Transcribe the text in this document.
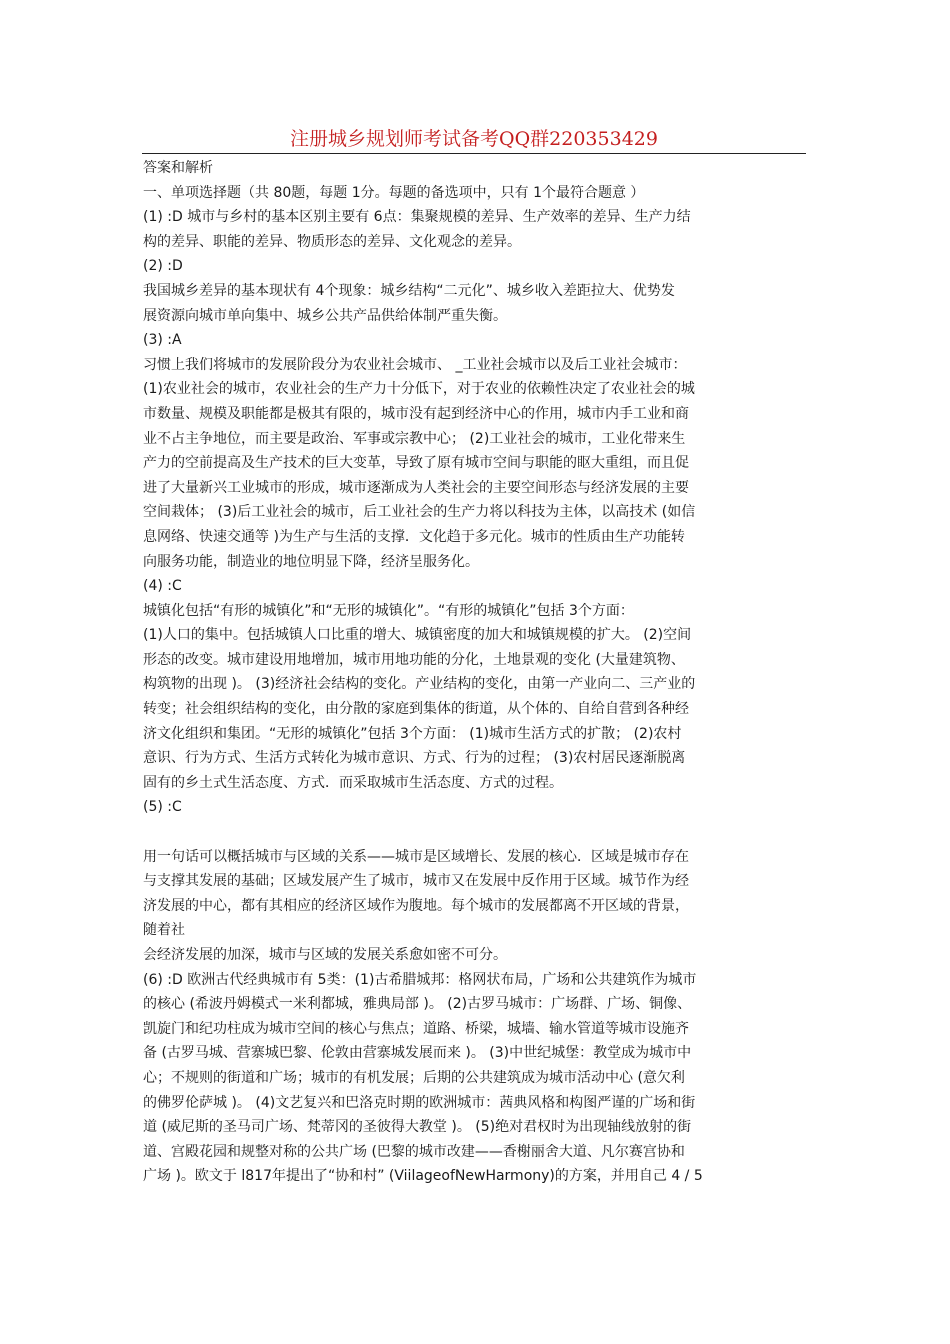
注册城乡规划师考试备考QQ群220353429
答案和解析
一、单项选择题（共 80题，每题 1分。每题的备选项中，只有 1个最符合题意 ）
(1) :D 城市与乡村的基本区别主要有 6点：集聚规模的差异、生产效率的差异、生产力结
构的差异、职能的差异、物质形态的差异、文化观念的差异。
(2) :D
我国城乡差异的基本现状有 4个现象：城乡结构“二元化”、城乡收入差距拉大、优势发
展资源向城市单向集中、城乡公共产品供给体制严重失衡。
(3) :A
习惯上我们将城市的发展阶段分为农业社会城市、 _工业社会城市以及后工业社会城市：
(1)农业社会的城市，农业社会的生产力十分低下，对于农业的依赖性决定了农业社会的城
市数量、规模及职能都是极其有限的，城市没有起到经济中心的作用，城市内手工业和商
业不占主争地位，而主要是政治、军事或宗教中心； (2)工业社会的城市，工业化带来生
产力的空前提高及生产技术的巨大变革，导致了原有城市空间与职能的眍大重组，而且促
进了大量新兴工业城市的形成，城市逐渐成为人类社会的主要空间形态与经济发展的主要
空间栽体； (3)后工业社会的城市，后工业社会的生产力将以科技为主体，以高技术 (如信
息网络、快速交通等 )为生产与生活的支撑．文化趋于多元化。城市的性质由生产功能转
向服务功能，制造业的地位明显下降，经济呈服务化。
(4) :C
城镇化包括“有形的城镇化”和“无形的城镇化”。“有形的城镇化”包括 3个方面：
(1)人口的集中。包括城镇人口比重的增大、城镇密度的加大和城镇规模的扩大。 (2)空间
形态的改变。城市建设用地增加，城市用地功能的分化，土地景观的变化 (大量建筑物、
构筑物的出现 )。 (3)经济社会结构的变化。产业结构的变化，由第一产业向二、三产业的
转变；社会组织结构的变化，由分散的家庭到集体的街道，从个体的、自给自营到各种经
济文化组织和集团。“无形的城镇化”包括 3个方面： (1)城市生活方式的扩散； (2)农村
意识、行为方式、生活方式转化为城市意识、方式、行为的过程； (3)农村居民逐渐脱离
固有的乡土式生活态度、方式．而采取城市生活态度、方式的过程。
(5) :C
用一句话可以概括城市与区域的关系——城市是区域增长、发展的核心．区域是城市存在
与支撑其发展的基础；区域发展产生了城市，城市又在发展中反作用于区域。城节作为经
济发展的中心，都有其相应的经济区域作为腹地。每个城市的发展都离不开区域的背景，
随着社
会经济发展的加深，城市与区域的发展关系愈如密不可分。
(6) :D 欧洲古代经典城市有 5类：(1)古希腊城邦：格网状布局，广场和公共建筑作为城市
的核心 (希波丹姆模式一米利都城，雅典局部 )。 (2)古罗马城市：广场群、广场、铜像、
凯旋门和纪功柱成为城市空间的核心与焦点；道路、桥梁，城墙、输水管道等城市设施齐
备 (古罗马城、营寨城巴黎、伦敦由营寨城发展而来 )。 (3)中世纪城堡：教堂成为城市中
心；不规则的街道和广场；城市的有机发展；后期的公共建筑成为城市活动中心 (意欠利
的佛罗伦萨城 )。 (4)文艺复兴和巴洛克时期的欧洲城市：茜典风格和构图严谨的广场和街
道 (威尼斯的圣马司广场、梵蒂冈的圣彼得大教堂 )。 (5)绝对君权时为出现轴线放射的街
道、宫殿花园和规整对称的公共广场 (巴黎的城市改建——香榭丽舍大道、凡尔赛宫协和
广场 )。欧文于 l817年提出了“协和村” (ViilageofNewHarmony)的方案，并用自己 4 / 5
